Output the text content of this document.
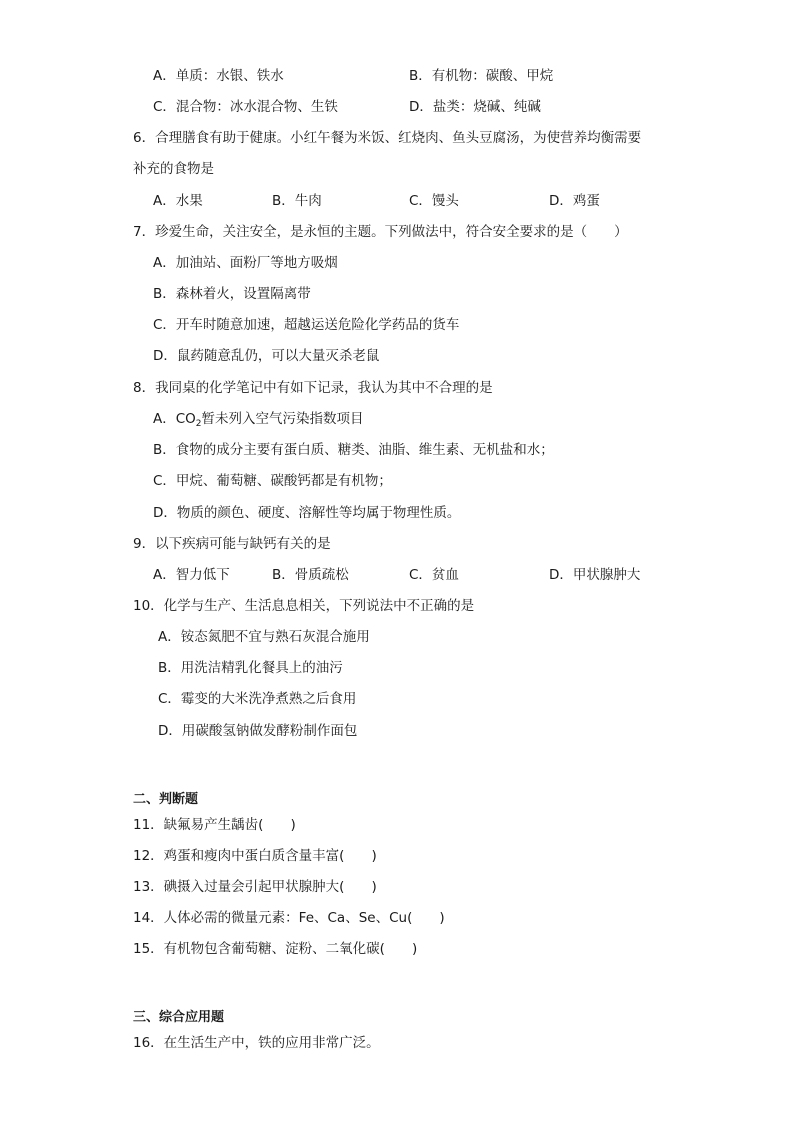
A．单质：水银、铁水	B．有机物：碳酸、甲烷
C．混合物：冰水混合物、生铁	D．盐类：烧碱、纯碱
6．合理膳食有助于健康。小红午餐为米饭、红烧肉、鱼头豆腐汤，为使营养均衡需要
补充的食物是
A．水果	B．牛肉	C．馒头	D．鸡蛋
7．珍爱生命，关注安全，是永恒的主题。下列做法中，符合安全要求的是（　　）
A．加油站、面粉厂等地方吸烟
B．森林着火，设置隔离带
C．开车时随意加速，超越运送危险化学药品的货车
D．鼠药随意乱仍，可以大量灭杀老鼠
8．我同桌的化学笔记中有如下记录，我认为其中不合理的是
A．$CO_2$暂未列入空气污染指数项目
B．食物的成分主要有蛋白质、糖类、油脂、维生素、无机盐和水；
C．甲烷、葡萄糖、碳酸钙都是有机物；
D．物质的颜色、硬度、溶解性等均属于物理性质。
9．以下疾病可能与缺钙有关的是
A．智力低下	B．骨质疏松	C．贫血	D．甲状腺肿大
10．化学与生产、生活息息相关，下列说法中不正确的是
A．铵态氮肥不宜与熟石灰混合施用
B．用洗洁精乳化餐具上的油污
C．霉变的大米洗净煮熟之后食用
D．用碳酸氢钠做发酵粉制作面包
二、判断题
11．缺氟易产生龋齿(　　)
12．鸡蛋和瘦肉中蛋白质含量丰富(　　)
13．碘摄入过量会引起甲状腺肿大(　　)
14．人体必需的微量元素：Fe、Ca、Se、Cu(　　)
15．有机物包含葡萄糖、淀粉、二氧化碳(　　)
三、综合应用题
16．在生活生产中，铁的应用非常广泛。
